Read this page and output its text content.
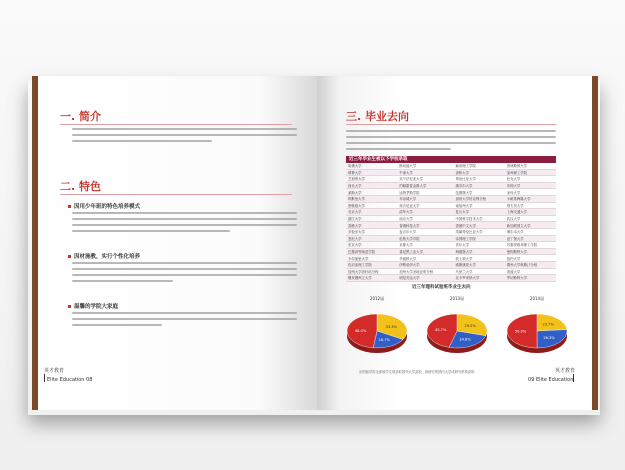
一. 简介
二. 特色
因用少年班的特色培养模式
因材施教，实行个性化培养
温馨的学院大家庭
英才教育
Elite Education 08
三. 毕业去向
近三年毕业生被以下学校录取
哈佛大学	斯坦福大学	麻省理工学院	普林斯顿大学
耶鲁大学	牛津大学	剑桥大学	加州理工学院
芝加哥大学	宾夕法尼亚大学	哥伦比亚大学	杜克大学
西北大学	约翰霍普金斯大学	康奈尔大学	布朗大学
莱斯大学	达特茅斯学院	范德堡大学	圣母大学
埃默里大学	乔治城大学	加州大学伯克利分校	卡耐基梅隆大学
密歇根大学	弗吉尼亚大学	南加州大学	塔夫茨大学
北京大学	清华大学	复旦大学	上海交通大学
浙江大学	南京大学	中国科学技术大学	武汉大学
香港大学	香港科技大学	香港中文大学	新加坡国立大学
多伦多大学	麦吉尔大学	英属哥伦比亚大学	墨尔本大学
悉尼大学	伦敦大学学院	帝国理工学院	爱丁堡大学
东京大学	京都大学	首尔大学	苏黎世联邦理工学院
巴黎高等师范学院	慕尼黑工业大学	海德堡大学	曼彻斯特大学
卡尔加里大学	华盛顿大学	波士顿大学	纽约大学
佐治亚理工学院	伊利诺伊大学	威斯康星大学	德州大学奥斯汀分校
加州大学洛杉矶分校	加州大学圣地亚哥分校	马里兰大学	普渡大学
俄亥俄州立大学	明尼苏达大学	北卡罗来纳大学	罗切斯特大学
近三年理科试验班毕业生去向
2012届
33.3%
18.7%
48.0%
2013届
29.5%
24.8%
45.7%
2014届
23.7%
26.3%
50.0%
出国留学的全部被学生被录取国外大学录取，读研究的国内大学或研究机构录取	英才教育
09 Elite Education
